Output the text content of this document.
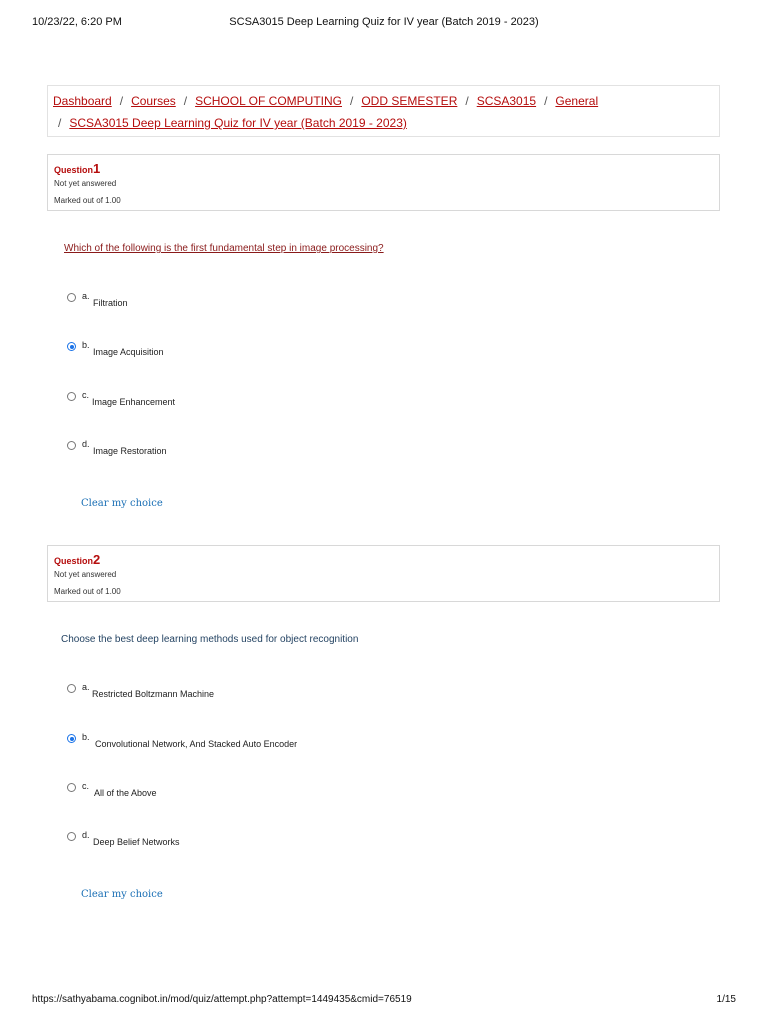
10/23/22, 6:20 PM	SCSA3015 Deep Learning Quiz for IV year (Batch 2019 - 2023)
Dashboard / Courses / SCHOOL OF COMPUTING / ODD SEMESTER / SCSA3015 / General
/ SCSA3015 Deep Learning Quiz for IV year (Batch 2019 - 2023)
Question1
Not yet answered
Marked out of 1.00
Which of the following is the first fundamental step in image processing?
a.
Filtration
b.
Image Acquisition
c.
Image Enhancement
d.
Image Restoration
Clear my choice
Question2
Not yet answered
Marked out of 1.00
Choose the best deep learning methods used for object recognition
a.
Restricted Boltzmann Machine
b.
Convolutional Network, And Stacked Auto Encoder
c.
All of the Above
d.
Deep Belief Networks
Clear my choice
https://sathyabama.cognibot.in/mod/quiz/attempt.php?attempt=1449435&cmid=76519	1/15
